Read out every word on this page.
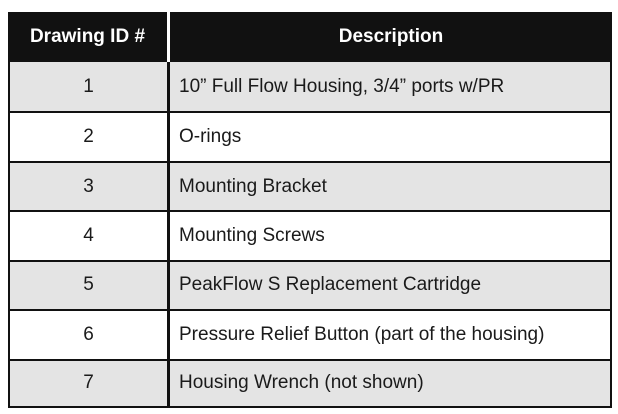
Drawing ID #	Description
1	10” Full Flow Housing, 3/4” ports w/PR
2	O-rings
3	Mounting Bracket
4	Mounting Screws
5	PeakFlow S Replacement Cartridge
6	Pressure Relief Button (part of the housing)
7	Housing Wrench (not shown)
